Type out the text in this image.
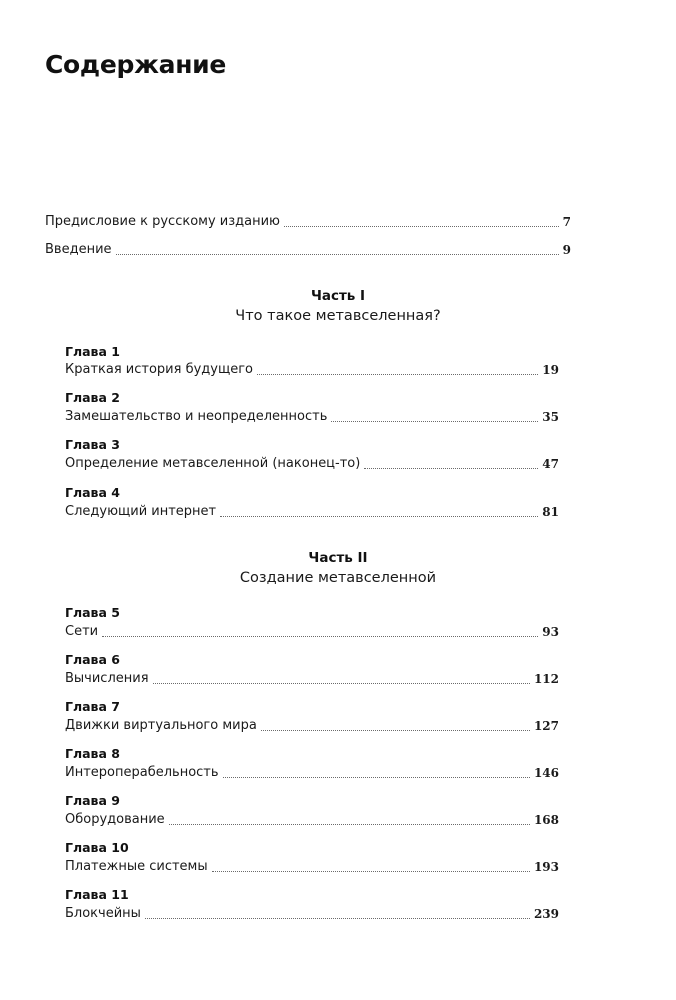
Содержание
Предисловие к русскому изданию	7
Введение	9
Часть I
Что такое метавселенная?
Глава 1
Краткая история будущего	19
Глава 2
Замешательство и неопределенность	35
Глава 3
Определение метавселенной (наконец-то)	47
Глава 4
Следующий интернет	81
Часть II
Создание метавселенной
Глава 5
Сети	93
Глава 6
Вычисления	112
Глава 7
Движки виртуального мира	127
Глава 8
Интероперабельность	146
Глава 9
Оборудование	168
Глава 10
Платежные системы	193
Глава 11
Блокчейны	239
